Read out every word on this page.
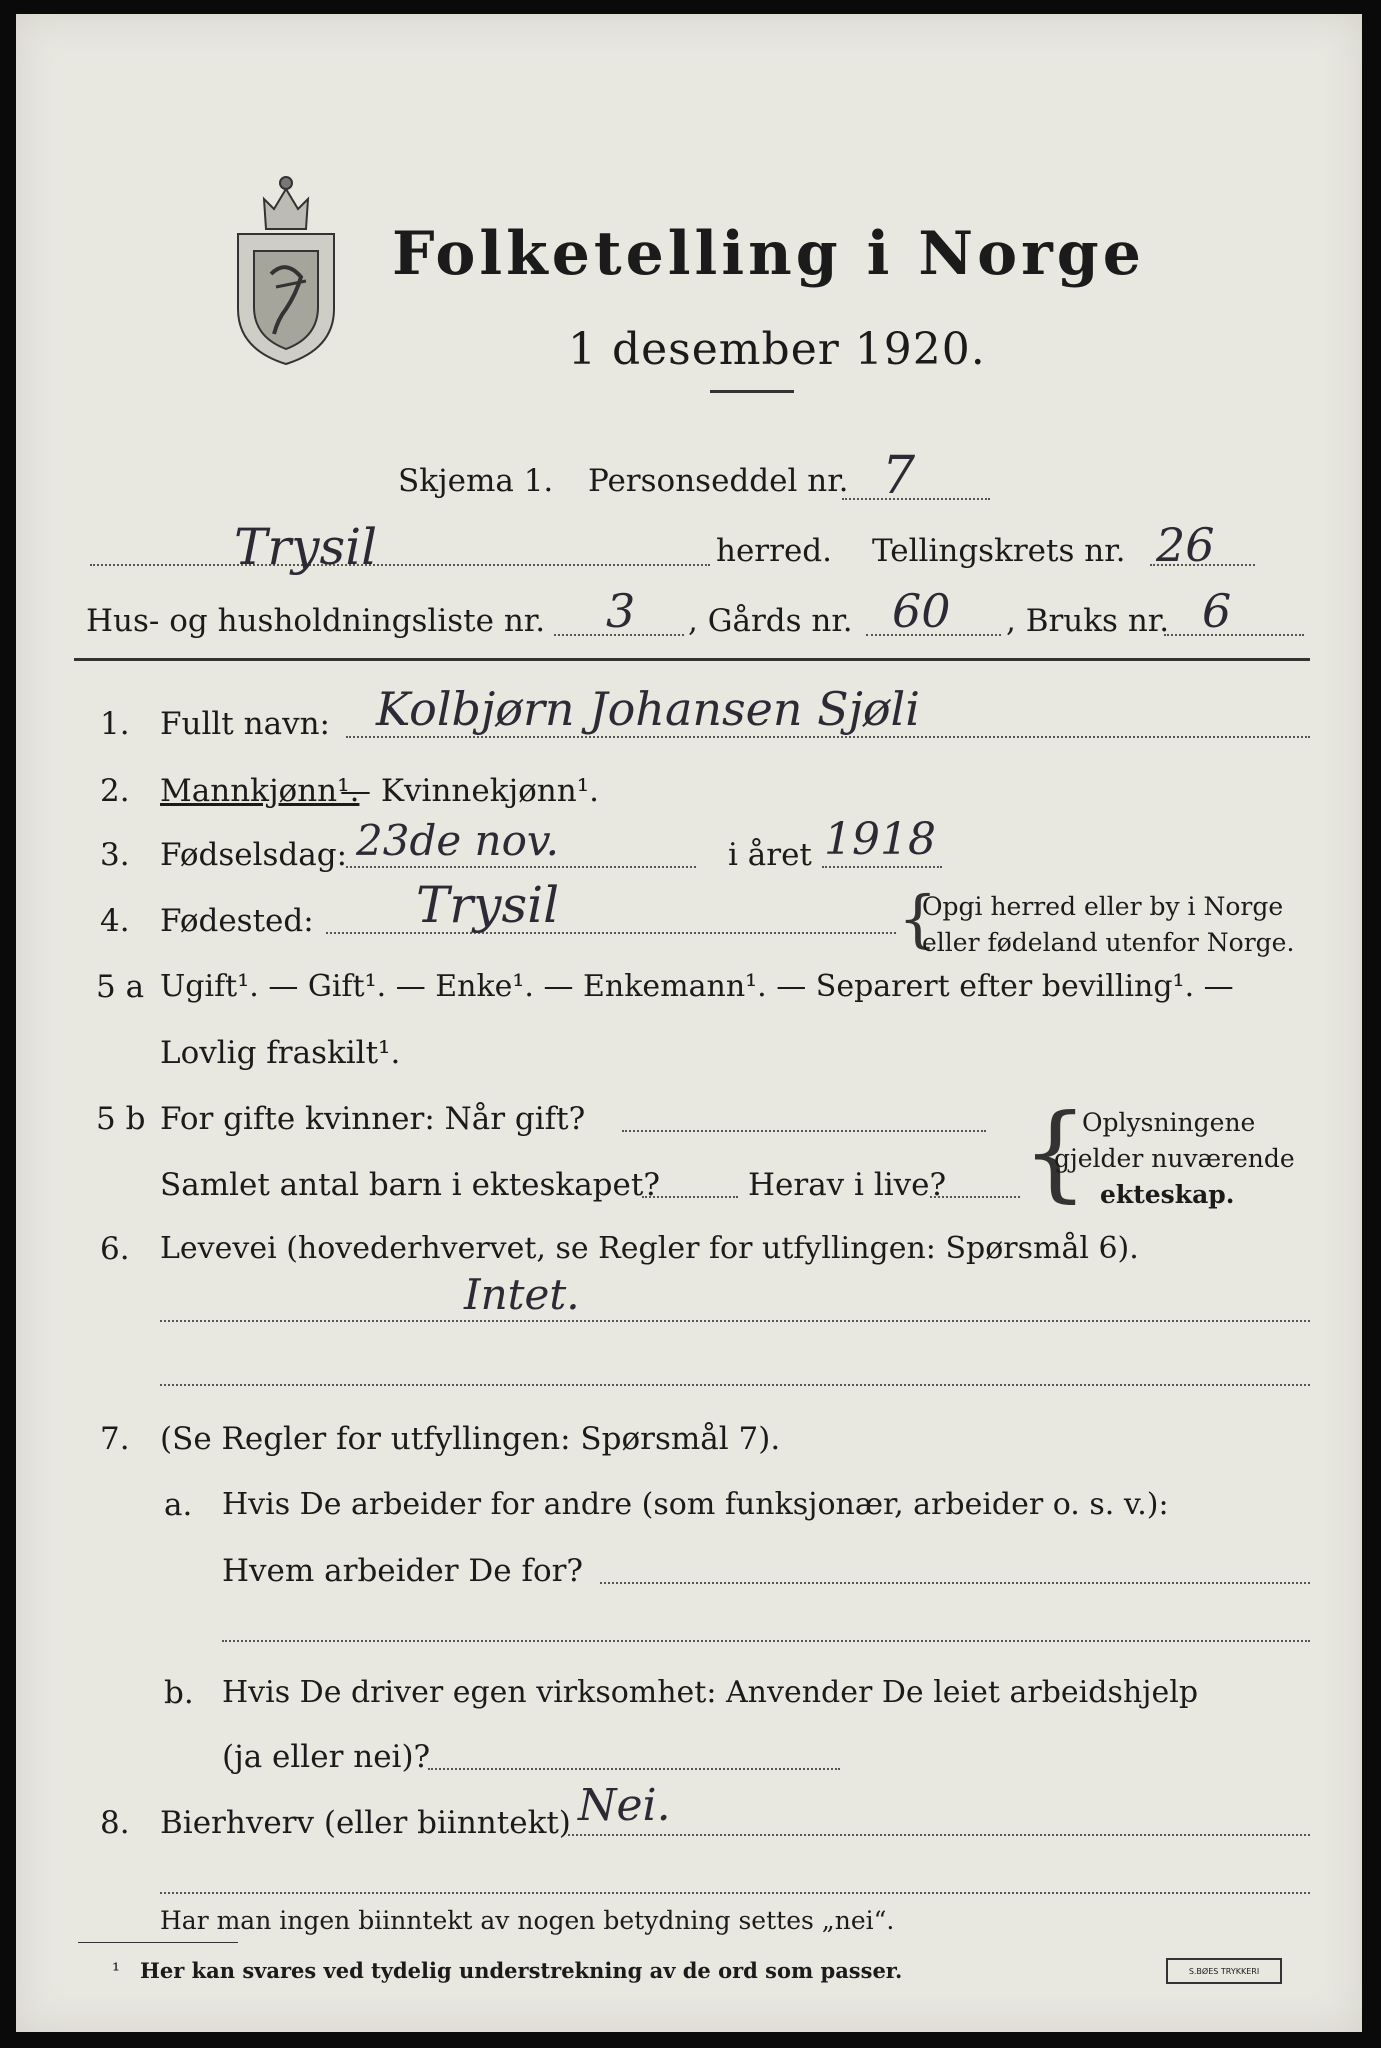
Folketelling i Norge
1 desember 1920.
Skjema 1. Personseddel nr. 7
Trysil	herred. Tellingskrets nr. 26
Hus- og husholdningsliste nr. 3 , Gårds nr. 60 , Bruks nr. 6
1. Fullt navn: Kolbjørn Johansen Sjøli
2. Mannkjønn¹.
— Kvinnekjønn¹.
3. Fødselsdag: 23de nov.	i året 1918
4. Fødested: Trysil	{
Opgi herred eller by i Norge
eller fødeland utenfor Norge.
5 a Ugift¹. — Gift¹. — Enke¹. — Enkemann¹. — Separert efter bevilling¹. —
Lovlig fraskilt¹.
5 b For gifte kvinner: Når gift?
Samlet antal barn i ekteskapet?	Herav i live? {
Oplysningene
gjelder nuværende
ekteskap.
6. Levevei (hovederhvervet, se Regler for utfyllingen: Spørsmål 6).
Intet.
7. (Se Regler for utfyllingen: Spørsmål 7).
a. Hvis De arbeider for andre (som funksjonær, arbeider o. s. v.):
Hvem arbeider De for?
b. Hvis De driver egen virksomhet: Anvender De leiet arbeidshjelp
(ja eller nei)?
8. Bierhverv (eller biinntekt) Nei.
Har man ingen biinntekt av nogen betydning settes „nei“.
¹ Her kan svares ved tydelig understrekning av de ord som passer.	S.BØES TRYKKERI
